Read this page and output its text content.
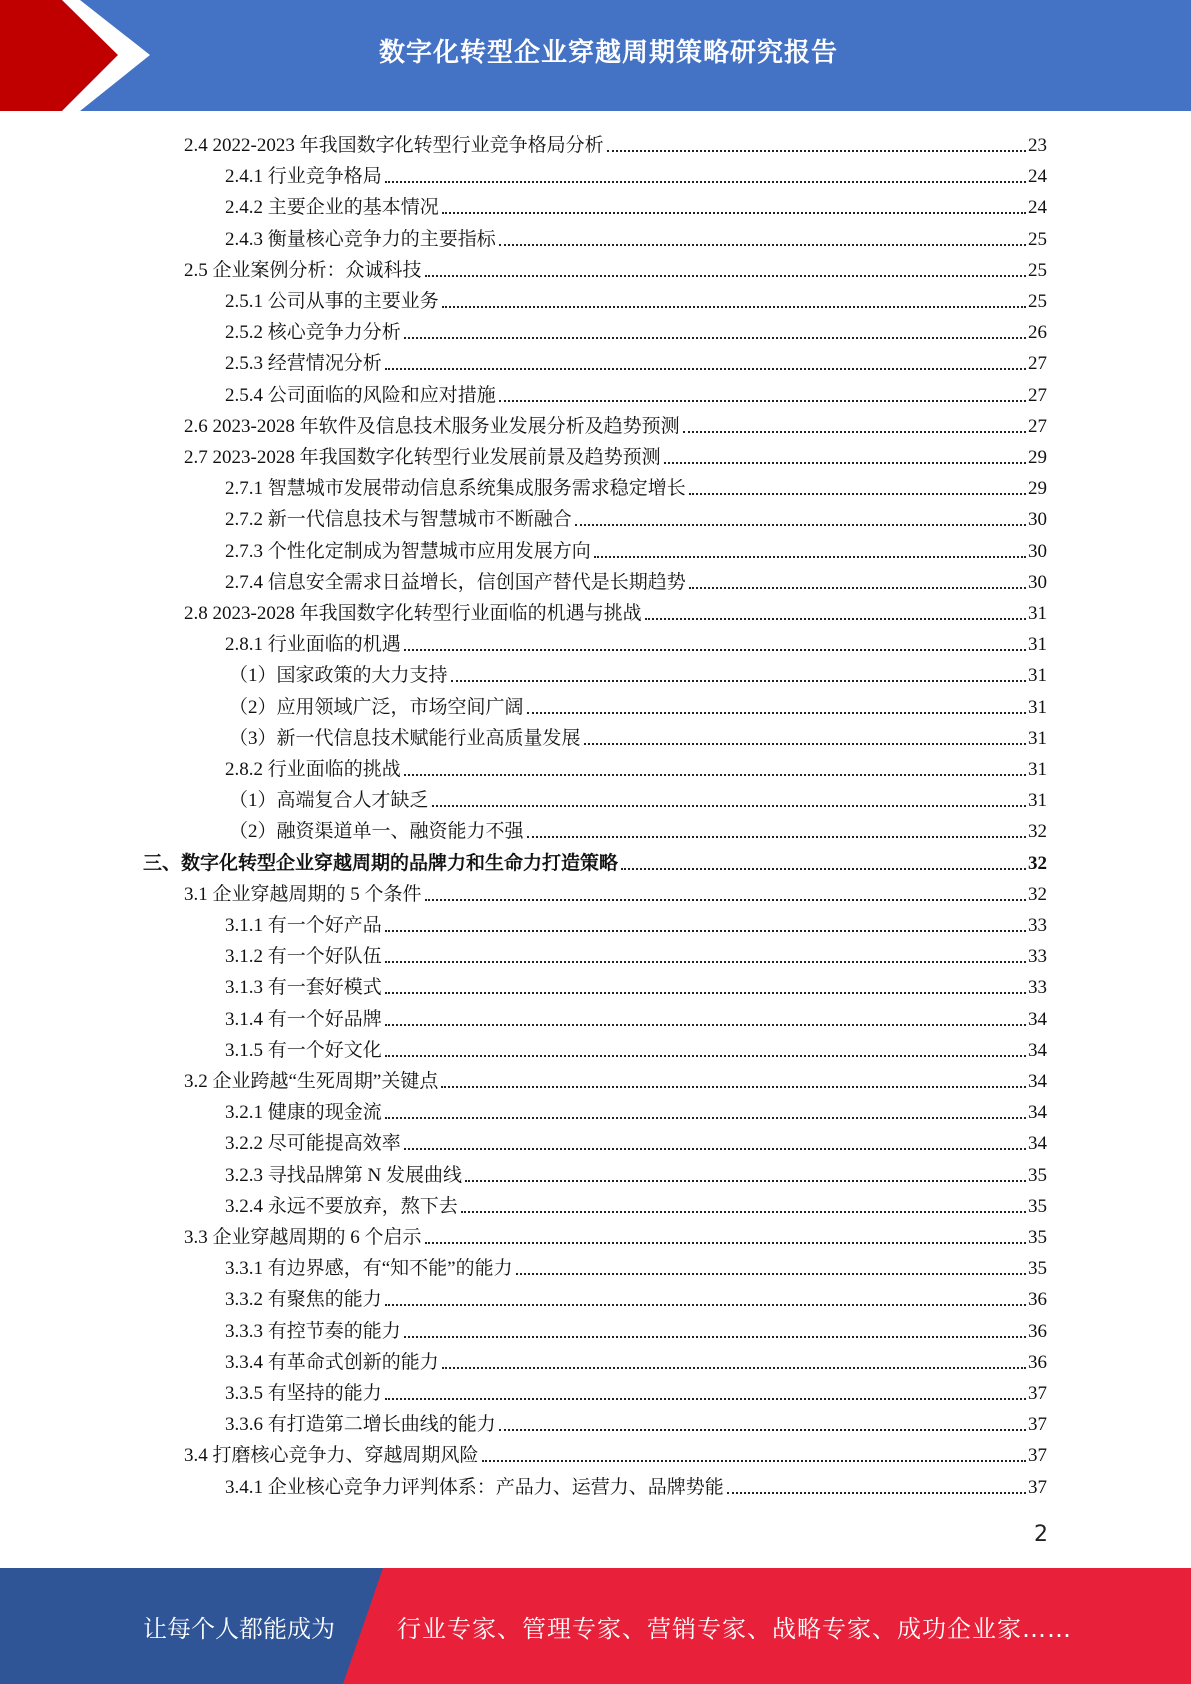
数字化转型企业穿越周期策略研究报告
2.4 2022-2023 年我国数字化转型行业竞争格局分析	23
2.4.1 行业竞争格局	24
2.4.2 主要企业的基本情况	24
2.4.3 衡量核心竞争力的主要指标	25
2.5 企业案例分析：众诚科技	25
2.5.1 公司从事的主要业务	25
2.5.2 核心竞争力分析	26
2.5.3 经营情况分析	27
2.5.4 公司面临的风险和应对措施	27
2.6 2023-2028 年软件及信息技术服务业发展分析及趋势预测	27
2.7 2023-2028 年我国数字化转型行业发展前景及趋势预测	29
2.7.1 智慧城市发展带动信息系统集成服务需求稳定增长	29
2.7.2 新一代信息技术与智慧城市不断融合	30
2.7.3 个性化定制成为智慧城市应用发展方向	30
2.7.4 信息安全需求日益增长，信创国产替代是长期趋势	30
2.8 2023-2028 年我国数字化转型行业面临的机遇与挑战	31
2.8.1 行业面临的机遇	31
（1）国家政策的大力支持	31
（2）应用领域广泛，市场空间广阔	31
（3）新一代信息技术赋能行业高质量发展	31
2.8.2 行业面临的挑战	31
（1）高端复合人才缺乏	31
（2）融资渠道单一、融资能力不强	32
三、数字化转型企业穿越周期的品牌力和生命力打造策略	32
3.1 企业穿越周期的 5 个条件	32
3.1.1 有一个好产品	33
3.1.2 有一个好队伍	33
3.1.3 有一套好模式	33
3.1.4 有一个好品牌	34
3.1.5 有一个好文化	34
3.2 企业跨越“生死周期”关键点	34
3.2.1 健康的现金流	34
3.2.2 尽可能提高效率	34
3.2.3 寻找品牌第 N 发展曲线	35
3.2.4 永远不要放弃，熬下去	35
3.3 企业穿越周期的 6 个启示	35
3.3.1 有边界感，有“知不能”的能力	35
3.3.2 有聚焦的能力	36
3.3.3 有控节奏的能力	36
3.3.4 有革命式创新的能力	36
3.3.5 有坚持的能力	37
3.3.6 有打造第二增长曲线的能力	37
3.4 打磨核心竞争力、穿越周期风险	37
3.4.1 企业核心竞争力评判体系：产品力、运营力、品牌势能	37
2
让每个人都能成为	行业专家、管理专家、营销专家、战略专家、成功企业家……
